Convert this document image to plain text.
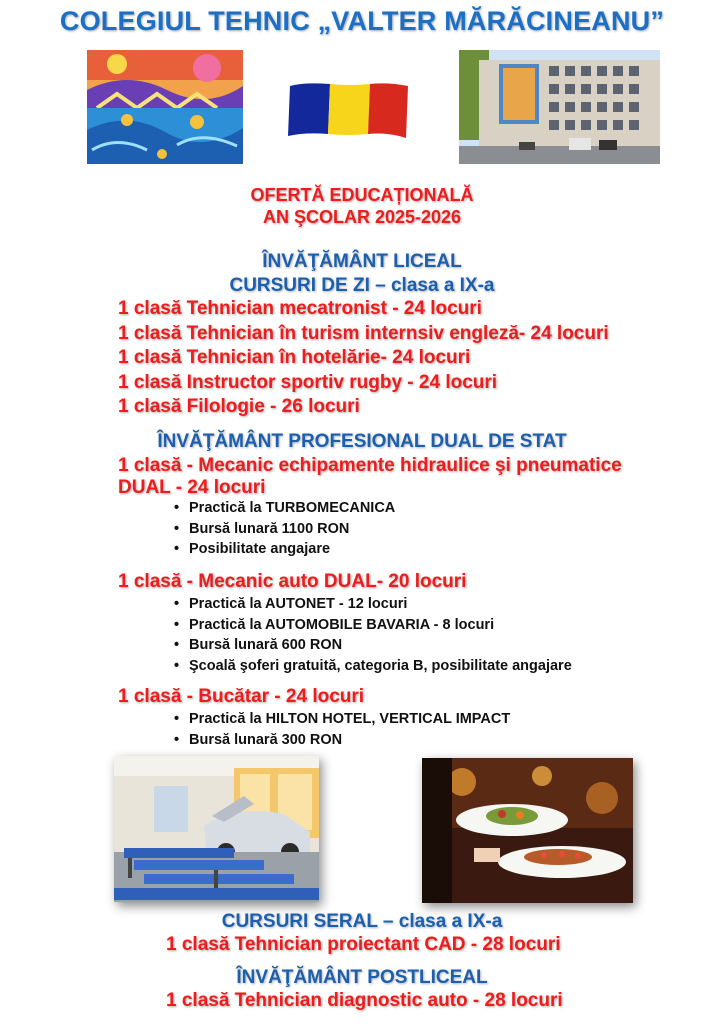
COLEGIUL TEHNIC „VALTER MĂRĂCINEANU”
OFERTĂ EDUCAȚIONALĂ
AN ŞCOLAR 2025-2026
ÎNVĂŢĂMÂNT LICEAL
CURSURI DE ZI – clasa a IX-a
1 clasă Tehnician mecatronist - 24 locuri
1 clasă Tehnician în turism internsiv engleză- 24 locuri
1 clasă Tehnician în hotelărie- 24 locuri
1 clasă Instructor sportiv rugby - 24 locuri
1 clasă Filologie - 26 locuri
ÎNVĂŢĂMÂNT PROFESIONAL DUAL DE STAT
1 clasă - Mecanic echipamente hidraulice şi pneumatice
DUAL - 24 locuri
• Practică la TURBOMECANICA
• Bursă lunară 1100 RON
• Posibilitate angajare
1 clasă - Mecanic auto DUAL- 20 locuri
• Practică la AUTONET - 12 locuri
• Practică la AUTOMOBILE BAVARIA - 8 locuri
• Bursă lunară 600 RON
• Şcoală şoferi gratuită, categoria B, posibilitate angajare
1 clasă - Bucătar - 24 locuri
• Practică la HILTON HOTEL, VERTICAL IMPACT
• Bursă lunară 300 RON
CURSURI SERAL – clasa a IX-a
1 clasă Tehnician proiectant CAD - 28 locuri
ÎNVĂŢĂMÂNT POSTLICEAL
1 clasă Tehnician diagnostic auto - 28 locuri
